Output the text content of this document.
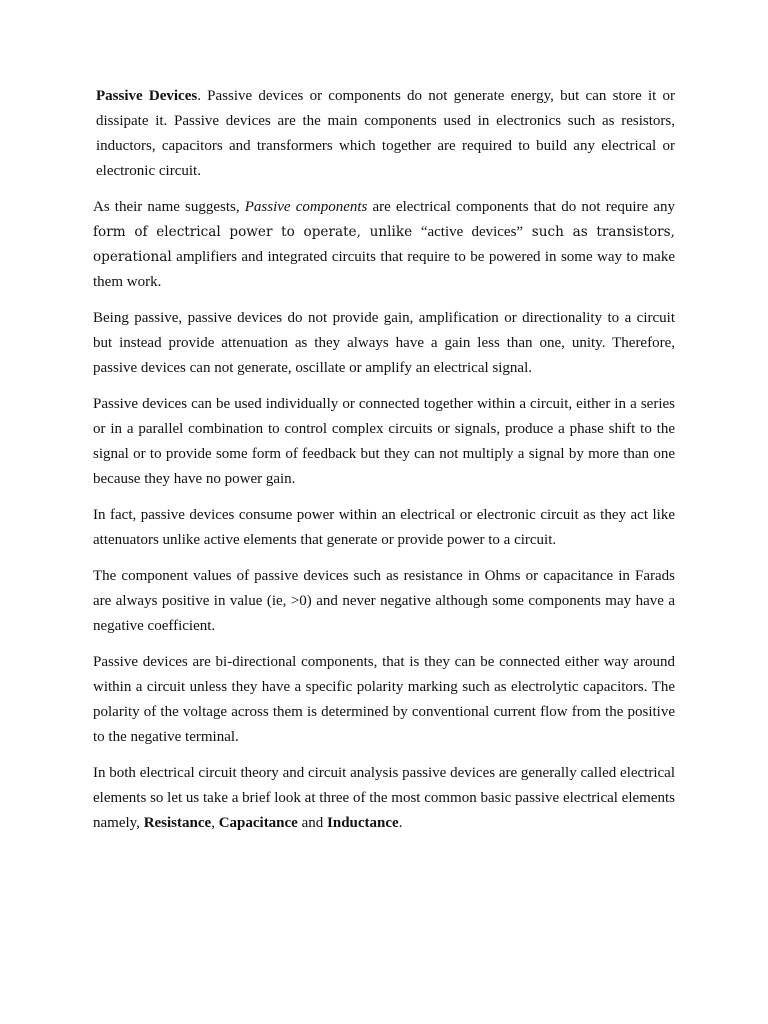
Passive Devices. Passive devices or components do not generate energy, but can store it or dissipate it. Passive devices are the main components used in electronics such as resistors, inductors, capacitors and transformers which together are required to build any electrical or electronic circuit.

As their name suggests, Passive components are electrical components that do not require any form of electrical power to operate, unlike “active devices” such as transistors, operational amplifiers and integrated circuits that require to be powered in some way to make them work.

Being passive, passive devices do not provide gain, amplification or directionality to a circuit but instead provide attenuation as they always have a gain less than one, unity. Therefore, passive devices can not generate, oscillate or amplify an electrical signal.

Passive devices can be used individually or connected together within a circuit, either in a series or in a parallel combination to control complex circuits or signals, produce a phase shift to the signal or to provide some form of feedback but they can not multiply a signal by more than one because they have no power gain.

In fact, passive devices consume power within an electrical or electronic circuit as they act like attenuators unlike active elements that generate or provide power to a circuit.

The component values of passive devices such as resistance in Ohms or capacitance in Farads are always positive in value (ie, >0) and never negative although some components may have a negative coefficient.

Passive devices are bi-directional components, that is they can be connected either way around within a circuit unless they have a specific polarity marking such as electrolytic capacitors. The polarity of the voltage across them is determined by conventional current flow from the positive to the negative terminal.

In both electrical circuit theory and circuit analysis passive devices are generally called electrical elements so let us take a brief look at three of the most common basic passive electrical elements namely, Resistance, Capacitance and Inductance.
